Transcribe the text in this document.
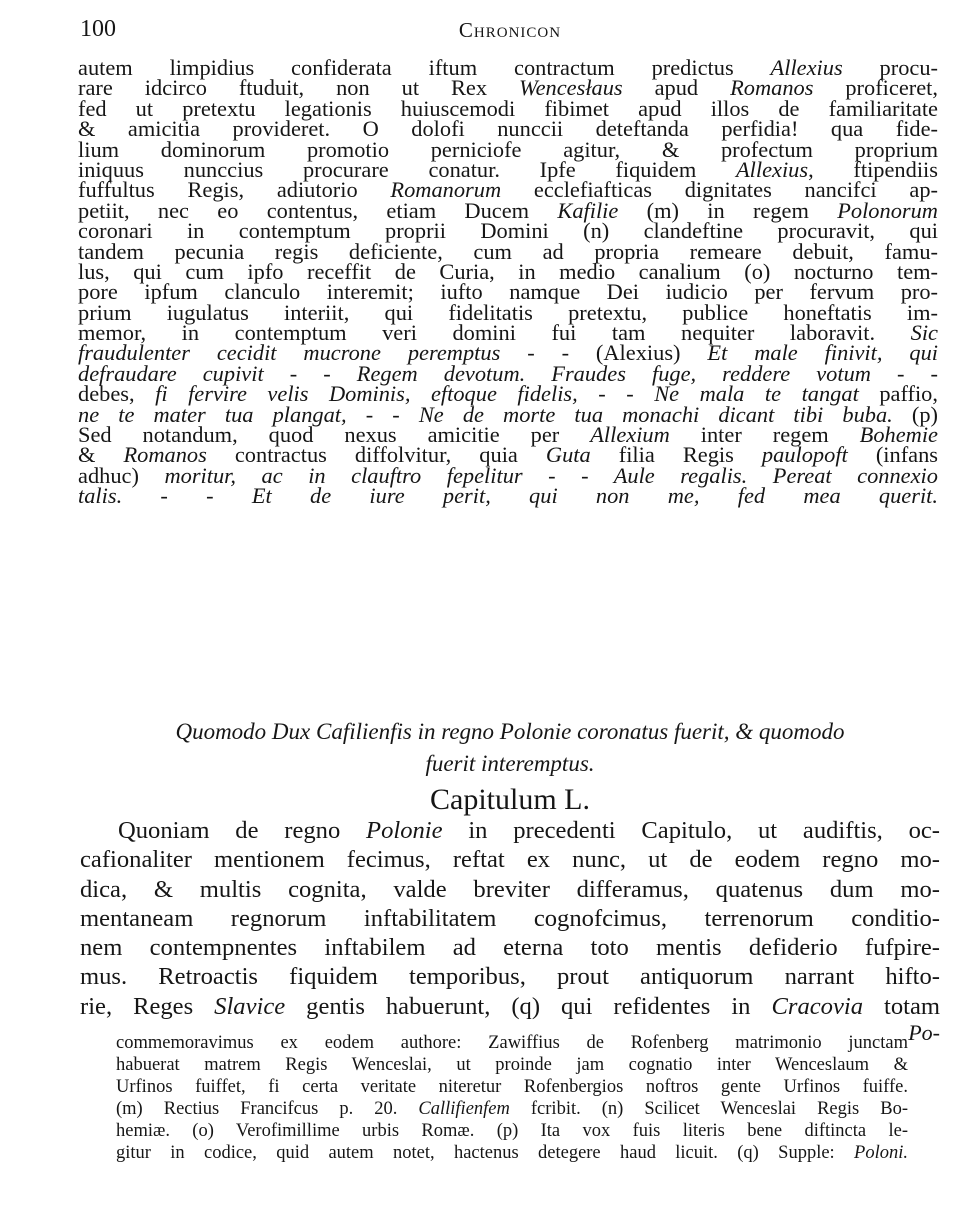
100	Chronicon
autem limpidius confiderata iftum contractum predictus Allexius procu-
rare idcirco ftuduit, non ut Rex Wencesłaus apud Romanos proficeret,
fed ut pretextu legationis huiuscemodi fibimet apud illos de familiaritate
& amicitia provideret. O dolofi nunccii deteftanda perfidia! qua fide-
lium dominorum promotio perniciofe agitur, & profectum proprium
iniquus nunccius procurare conatur. Ipfe fiquidem Allexius, ftipendiis
fuffultus Regis, adiutorio Romanorum ecclefiafticas dignitates nancifci ap-
petiit, nec eo contentus, etiam Ducem Kafilie (m) in regem Polonorum
coronari in contemptum proprii Domini (n) clandeftine procuravit, qui
tandem pecunia regis deficiente, cum ad propria remeare debuit, famu-
lus, qui cum ipfo receffit de Curia, in medio canalium (o) nocturno tem-
pore ipfum clanculo interemit; iufto namque Dei iudicio per fervum pro-
prium iugulatus interiit, qui fidelitatis pretextu, publice honeftatis im-
memor, in contemptum veri domini fui tam nequiter laboravit. Sic
fraudulenter cecidit mucrone peremptus - - (Alexius) Et male finivit, qui
defraudare cupivit - - Regem devotum. Fraudes fuge, reddere votum - -
debes, fi fervire velis Dominis, eftoque fidelis, - - Ne mala te tangat paffio,
ne te mater tua plangat, - - Ne de morte tua monachi dicant tibi buba. (p)
Sed notandum, quod nexus amicitie per Allexium inter regem Bohemie
& Romanos contractus diffolvitur, quia Guta filia Regis paulopoft (infans
adhuc) moritur, ac in clauftro fepelitur - - Aule regalis. Pereat connexio
talis. - - Et de iure perit, qui non me, fed mea querit.
Quomodo Dux Cafilienfis in regno Polonie coronatus fuerit, & quomodo
fuerit interemptus.
Capitulum L.
Quoniam de regno Polonie in precedenti Capitulo, ut audiftis, oc-
cafionaliter mentionem fecimus, reftat ex nunc, ut de eodem regno mo-
dica, & multis cognita, valde breviter differamus, quatenus dum mo-
mentaneam regnorum inftabilitatem cognofcimus, terrenorum conditio-
nem contempnentes inftabilem ad eterna toto mentis defiderio fufpire-
mus. Retroactis fiquidem temporibus, prout antiquorum narrant hifto-
rie, Reges Slavice gentis habuerunt, (q) qui refidentes in Cracovia totam
Po-
commemoravimus ex eodem authore: Zawiffius de Rofenberg matrimonio junctam
habuerat matrem Regis Wenceslai, ut proinde jam cognatio inter Wenceslaum &
Urfinos fuiffet, fi certa veritate niteretur Rofenbergios noftros gente Urfinos fuiffe.
(m) Rectius Francifcus p. 20. Callifienfem fcribit. (n) Scilicet Wenceslai Regis Bo-
hemiæ. (o) Verofimillime urbis Romæ. (p) Ita vox fuis literis bene diftincta le-
gitur in codice, quid autem notet, hactenus detegere haud licuit. (q) Supple: Poloni.
